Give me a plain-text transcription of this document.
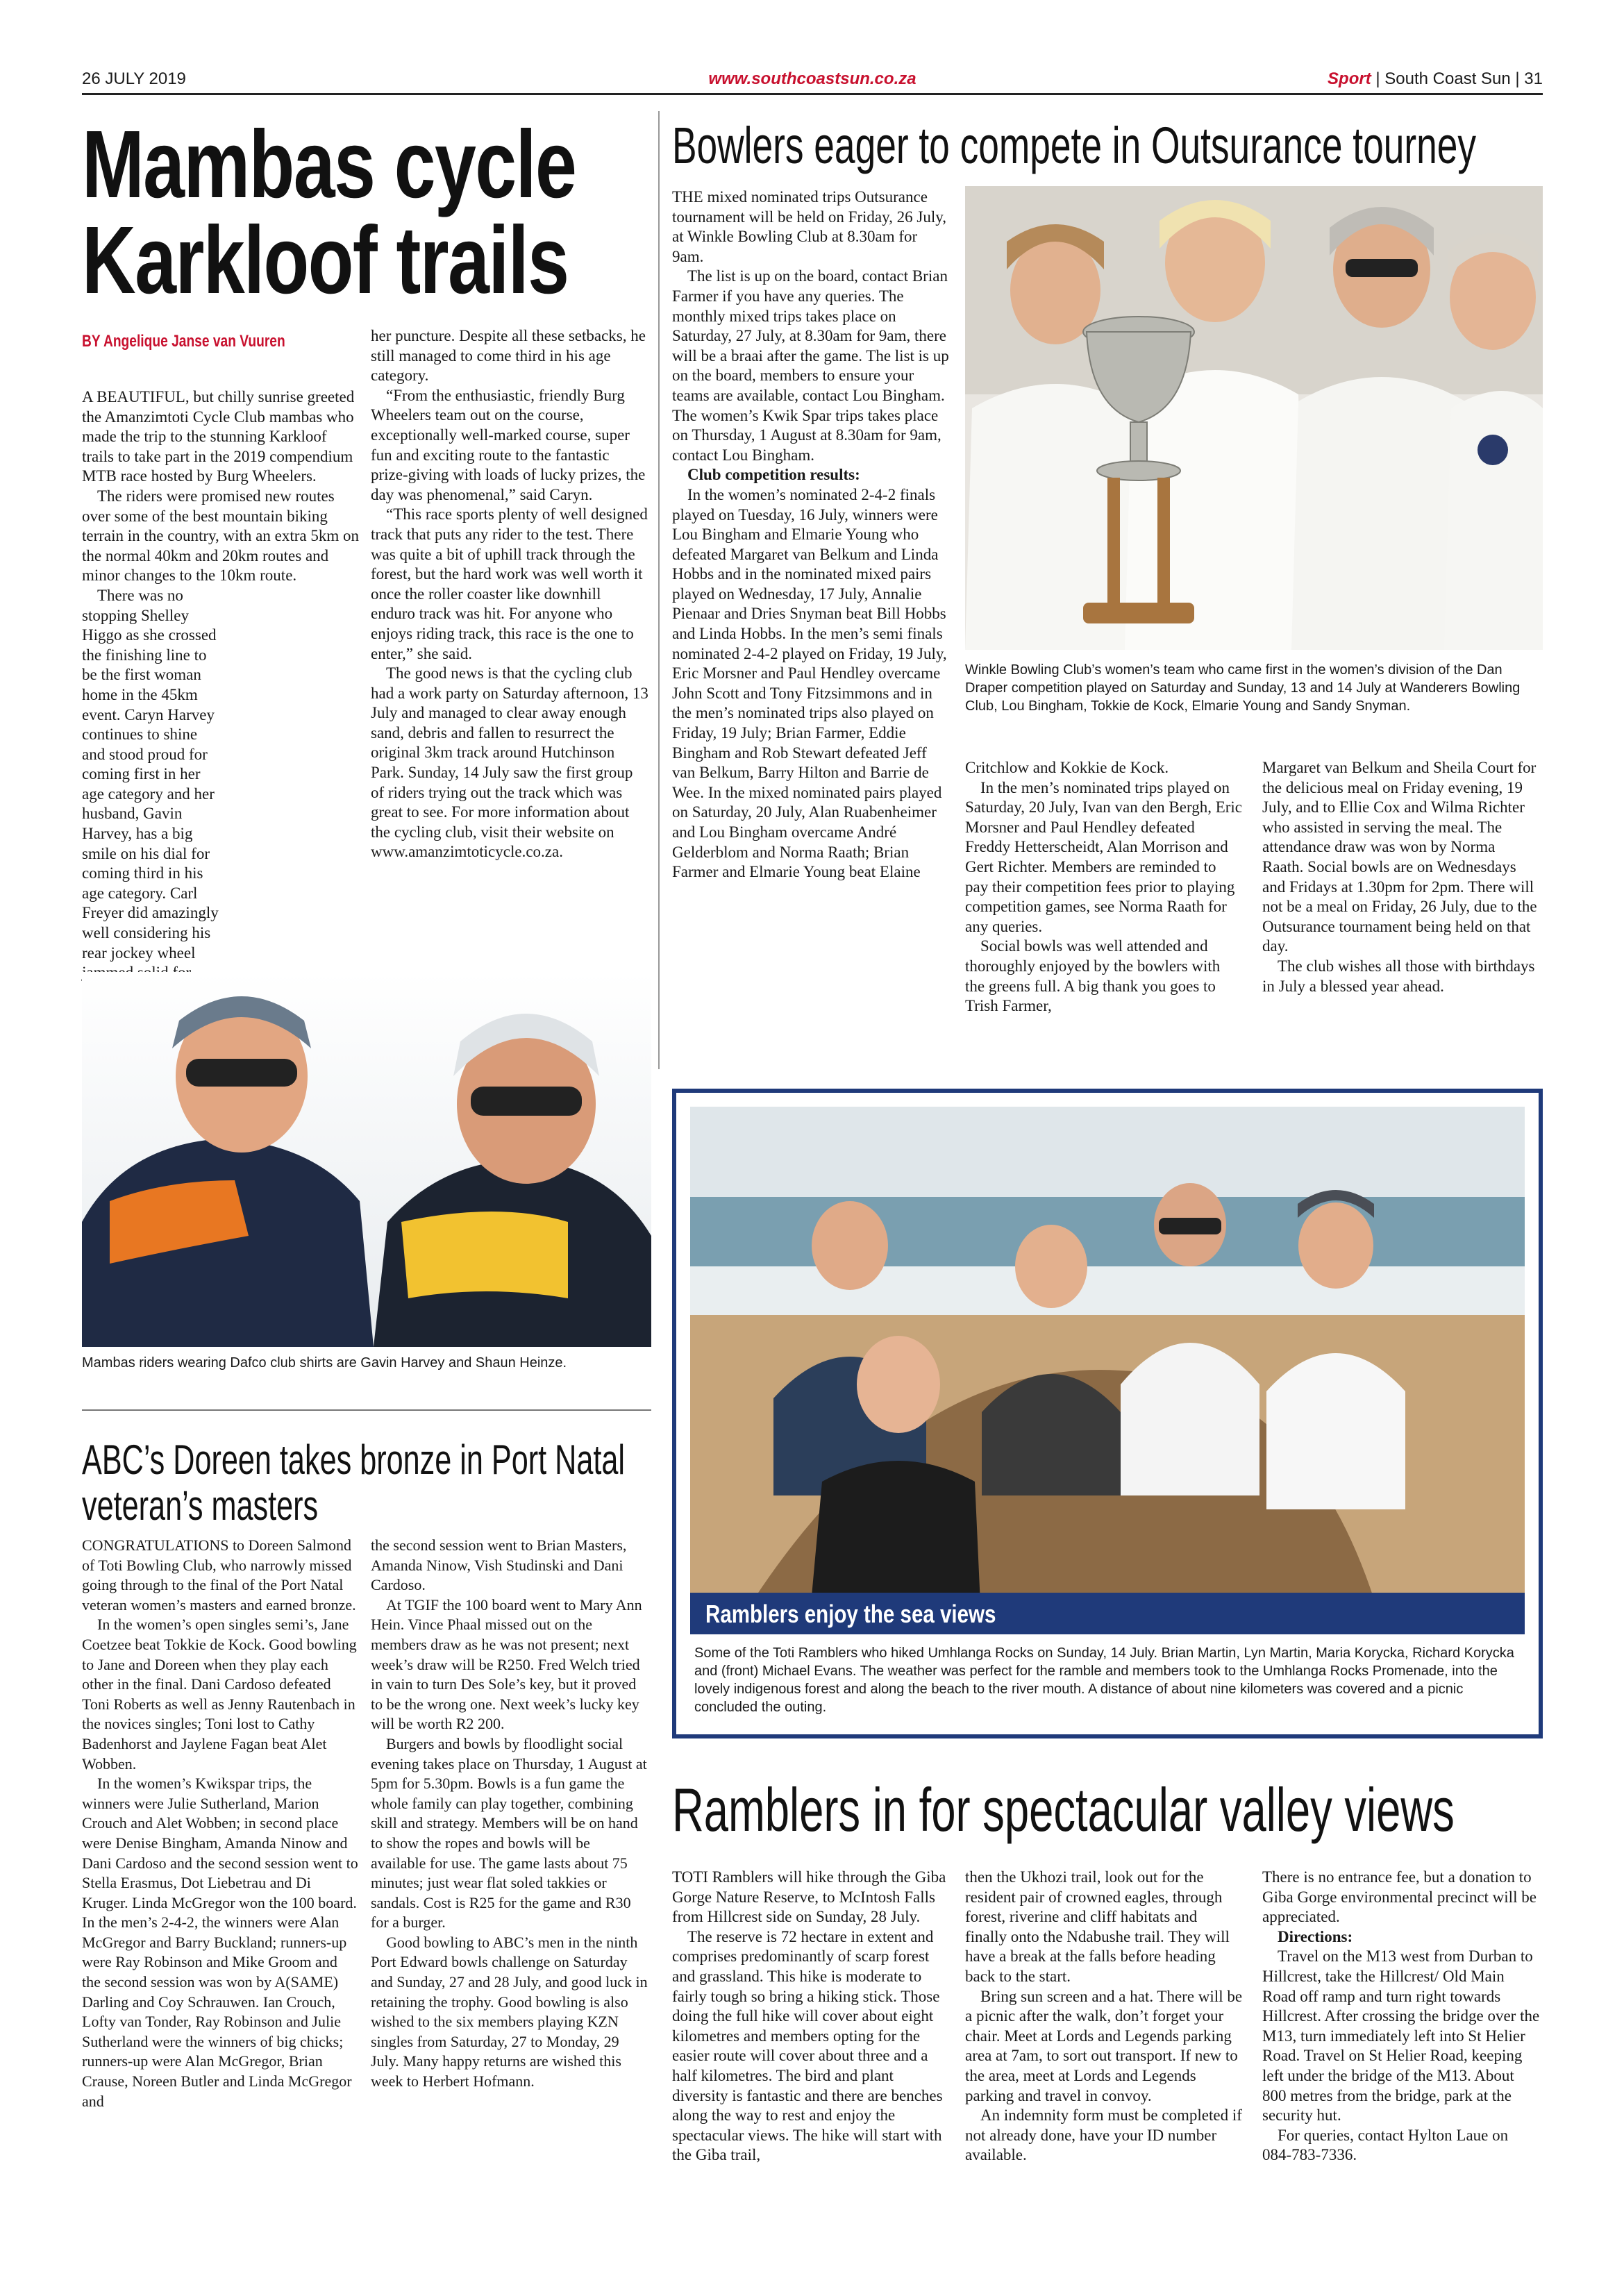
26 JULY 2019	www.southcoastsun.co.za	Sport | South Coast Sun | 31
Mambas cycle
Karkloof trails
BY Angelique Janse van Vuuren

A BEAUTIFUL, but chilly sunrise greeted the Amanzimtoti Cycle Club mambas who made the trip to the stunning Karkloof trails to take part in the 2019 compendium MTB race hosted by Burg Wheelers.

The riders were promised new routes over some of the best mountain biking terrain in the country, with an extra 5km on the normal 40km and 20km routes and minor changes to the 10km route.

There was no stopping Shelley Higgo as she crossed the finishing line to be the first woman home in the 45km event. Caryn Harvey continues to shine and stood proud for coming first in her age category and her husband, Gavin Harvey, has a big smile on his dial for coming third in his age category. Carl Freyer did amazingly well considering his rear jockey wheel

her puncture. Despite all these setbacks, he still managed to come third in his age category.

“From the enthusiastic, friendly Burg Wheelers team out on the course, exceptionally well-marked course, super fun and exciting route to the fantastic prize-giving with loads of lucky prizes, the day was phenomenal,” said Caryn.

“This race sports plenty of well designed track that puts any rider to the test. There was quite a bit of uphill track through the forest, but the hard work was well worth it once the roller coaster like downhill enduro track was hit. For anyone who enjoys riding track, this race is the one to enter,” she said.

The good news is that the cycling club had a work party on Saturday afternoon, 13 July and managed to clear away enough sand, debris and fallen to resurrect the original 3km track around Hutchinson Park. Sunday, 14 July saw the first group of riders trying out the track which was great to see. For more information about the cycling club, visit their website on www.amanzimtoticycle.co.za.

Mambas riders wearing Dafco club shirts are Gavin Harvey and Shaun Heinze.
Bowlers eager to compete in Outsurance tourney

THE mixed nominated trips Outsurance tournament will be held on Friday, 26 July, at Winkle Bowling Club at 8.30am for 9am.

The list is up on the board, contact Brian Farmer if you have any queries. The monthly mixed trips takes place on Saturday, 27 July, at 8.30am for 9am, there will be a braai after the game. The list is up on the board, members to ensure your teams are available, contact Lou Bingham. The women’s Kwik Spar trips takes place on Thursday, 1 August at 8.30am for 9am, contact Lou Bingham.

Club competition results:

In the women’s nominated 2-4-2 finals played on Tuesday, 16 July, winners were Lou Bingham and Elmarie Young who defeated Margaret van Belkum and Linda Hobbs and in the nominated mixed pairs played on Wednesday, 17 July, Annalie Pienaar and Dries Snyman beat Bill Hobbs and Linda Hobbs. In the men’s semi finals nominated 2-4-2 played on Friday, 19 July, Eric Morsner and Paul Hendley overcame John Scott and Tony Fitzsimmons and in the men’s nominated trips also played on Friday, 19 July; Brian Farmer, Eddie Bingham and Rob Stewart defeated Jeff van Belkum, Barry Hilton and Barrie de Wee. In the mixed nominated pairs played on Saturday, 20 July, Alan Ruabenheimer and Lou Bingham overcame André Gelderblom and Norma Raath; Brian Farmer and Elmarie Young beat Elaine

Winkle Bowling Club’s women’s team who came first in the women’s division of the Dan Draper competition played on Saturday and Sunday, 13 and 14 July at Wanderers Bowling Club, Lou Bingham, Tokkie de Kock, Elmarie Young and Sandy Snyman.

Critchlow and Kokkie de Kock.

In the men’s nominated trips played on Saturday, 20 July, Ivan van den Bergh, Eric Morsner and Paul Hendley defeated Freddy Hetterscheidt, Alan Morrison and Gert Richter. Members are reminded to pay their competition fees prior to playing competition games, see Norma Raath for any queries.

Social bowls was well attended and thoroughly enjoyed by the bowlers with the greens full. A big thank you goes to Trish Farmer,

Margaret van Belkum and Sheila Court for the delicious meal on Friday evening, 19 July, and to Ellie Cox and Wilma Richter who assisted in serving the meal. The attendance draw was won by Norma Raath. Social bowls are on Wednesdays and Fridays at 1.30pm for 2pm. There will not be a meal on Friday, 26 July, due to the Outsurance tournament being held on that day.

The club wishes all those with birthdays in July a blessed year ahead.

ABC’s Doreen takes bronze in Port Natal
veteran’s masters

CONGRATULATIONS to Doreen Salmond of Toti Bowling Club, who narrowly missed going through to the final of the Port Natal veteran women’s masters and earned bronze.

In the women’s open singles semi’s, Jane Coetzee beat Tokkie de Kock. Good bowling to Jane and Doreen when they play each other in the final. Dani Cardoso defeated Toni Roberts as well as Jenny Rautenbach in the novices singles; Toni lost to Cathy Badenhorst and Jaylene Fagan beat Alet Wobben.

In the women’s Kwikspar trips, the winners were Julie Sutherland, Marion Crouch and Alet Wobben; in second place were Denise Bingham, Amanda Ninow and Dani Cardoso and the second session went to Stella Erasmus, Dot Liebetrau and Di Kruger. Linda McGregor won the 100 board. In the men’s 2-4-2, the winners were Alan McGregor and Barry Buckland; runners-up were Ray Robinson and Mike Groom and the second session was won by A(SAME) Darling and Coy Schrauwen. Ian Crouch, Lofty van Tonder, Ray Robinson and Julie Sutherland were the winners of big chicks; runners-up were Alan McGregor, Brian Crause, Noreen Butler and Linda McGregor and

the second session went to Brian Masters, Amanda Ninow, Vish Studinski and Dani Cardoso.

At TGIF the 100 board went to Mary Ann Hein. Vince Phaal missed out on the members draw as he was not present; next week’s draw will be R250. Fred Welch tried in vain to turn Des Sole’s key, but it proved to be the wrong one. Next week’s lucky key will be worth R2 200.

Burgers and bowls by floodlight social evening takes place on Thursday, 1 August at 5pm for 5.30pm. Bowls is a fun game the whole family can play together, combining skill and strategy. Members will be on hand to show the ropes and bowls will be available for use. The game lasts about 75 minutes; just wear flat soled takkies or sandals. Cost is R25 for the game and R30 for a burger.

Good bowling to ABC’s men in the ninth Port Edward bowls challenge on Saturday and Sunday, 27 and 28 July, and good luck in retaining the trophy. Good bowling is also wished to the six members playing KZN singles from Saturday, 27 to Monday, 29 July. Many happy returns are wished this week to Herbert Hofmann.

Ramblers enjoy the sea views
Some of the Toti Ramblers who hiked Umhlanga Rocks on Sunday, 14 July. Brian Martin, Lyn Martin, Maria Korycka, Richard Korycka and (front) Michael Evans. The weather was perfect for the ramble and members took to the Umhlanga Rocks Promenade, into the lovely indigenous forest and along the beach to the river mouth. A distance of about nine kilometers was covered and a picnic concluded the outing.
Ramblers in for spectacular valley views

TOTI Ramblers will hike through the Giba Gorge Nature Reserve, to McIntosh Falls from Hillcrest side on Sunday, 28 July.

The reserve is 72 hectare in extent and comprises predominantly of scarp forest and grassland. This hike is moderate to fairly tough so bring a hiking stick. Those doing the full hike will cover about eight kilometres and members opting for the easier route will cover about three and a half kilometres. The bird and plant diversity is fantastic and there are benches along the way to rest and enjoy the spectacular views. The hike will start with the Giba trail,

then the Ukhozi trail, look out for the resident pair of crowned eagles, through forest, riverine and cliff habitats and finally onto the Ndabushe trail. They will have a break at the falls before heading back to the start.

Bring sun screen and a hat. There will be a picnic after the walk, don’t forget your chair. Meet at Lords and Legends parking area at 7am, to sort out transport. If new to the area, meet at Lords and Legends parking and travel in convoy.

An indemnity form must be completed if not already done, have your ID number available.

There is no entrance fee, but a donation to Giba Gorge environmental precinct will be appreciated.

Directions:

Travel on the M13 west from Durban to Hillcrest, take the Hillcrest/ Old Main Road off ramp and turn right towards Hillcrest. After crossing the bridge over the M13, turn immediately left into St Helier Road. Travel on St Helier Road, keeping left under the bridge of the M13. About 800 metres from the bridge, park at the security hut.

For queries, contact Hylton Laue on 084-783-7336.
